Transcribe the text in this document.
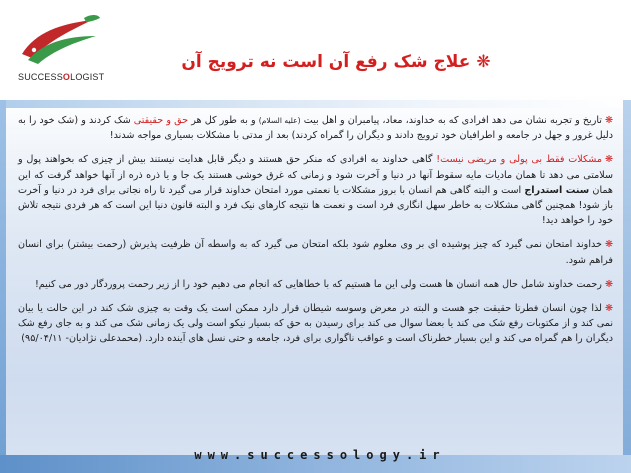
SUCCESSOLOGIST
❋علاج شک رفع آن است نه ترویج آن

❋تاریخ و تجربه نشان می دهد افرادی که به خداوند، معاد، پیامبران و اهل بیت (علیه السلام) و به طور کل هر حق و حقیقتی شک کردند و (شک خود را به دلیل غرور و جهل در جامعه و اطرافیان خود ترویج دادند و دیگران را گمراه کردند) بعد از مدتی با مشکلات بسیاری مواجه شدند!

❋مشکلات فقط بی پولی و مریضی نیست! گاهی خداوند به افرادی که منکر حق هستند و دیگر قابل هدایت نیستند بیش از چیزی که بخواهند پول و سلامتی می دهد تا همان مادیات مایه سقوط آنها در دنیا و آخرت شود و زمانی که غرق خوشی هستند یک جا و یا ذره ذره از آنها خواهد گرفت که این همان سنت استدراج است و البته گاهی هم انسان با بروز مشکلات یا نعمتی مورد امتحان خداوند قرار می گیرد تا راه نجاتی برای فرد در دنیا و آخرت باز شود! همچنین گاهی مشکلات به خاطر سهل انگاری فرد است و نعمت ها نتیجه کارهای نیک فرد و البته قانون دنیا این است که هر فردی نتیجه تلاش خود را خواهد دید!

❋خداوند امتحان نمی گیرد که چیز پوشیده ای بر وی معلوم شود بلکه امتحان می گیرد که به واسطه آن ظرفیت پذیرش (رحمت بیشتر) برای انسان فراهم شود.

❋رحمت خداوند شامل حال همه انسان ها هست ولی این ما هستیم که با خطاهایی که انجام می دهیم خود را از زیر رحمت پروردگار دور می کنیم!

❋لذا چون انسان فطرتا حقیقت جو هست و البته در معرض وسوسه شیطان قرار دارد ممکن است یک وقت به چیزی شک کند در این حالت یا بیان نمی کند و از مکتوبات رفع شک می کند یا بعضا سوال می کند برای رسیدن به حق که بسیار نیکو است ولی یک زمانی شک می کند و به جای رفع شک دیگران را هم گمراه می کند و این بسیار خطرناک است و عواقب ناگواری برای فرد، جامعه و حتی نسل های آینده دارد. (محمدعلی نژادیان- ۹۵/۰۴/۱۱)

www.successology.ir
